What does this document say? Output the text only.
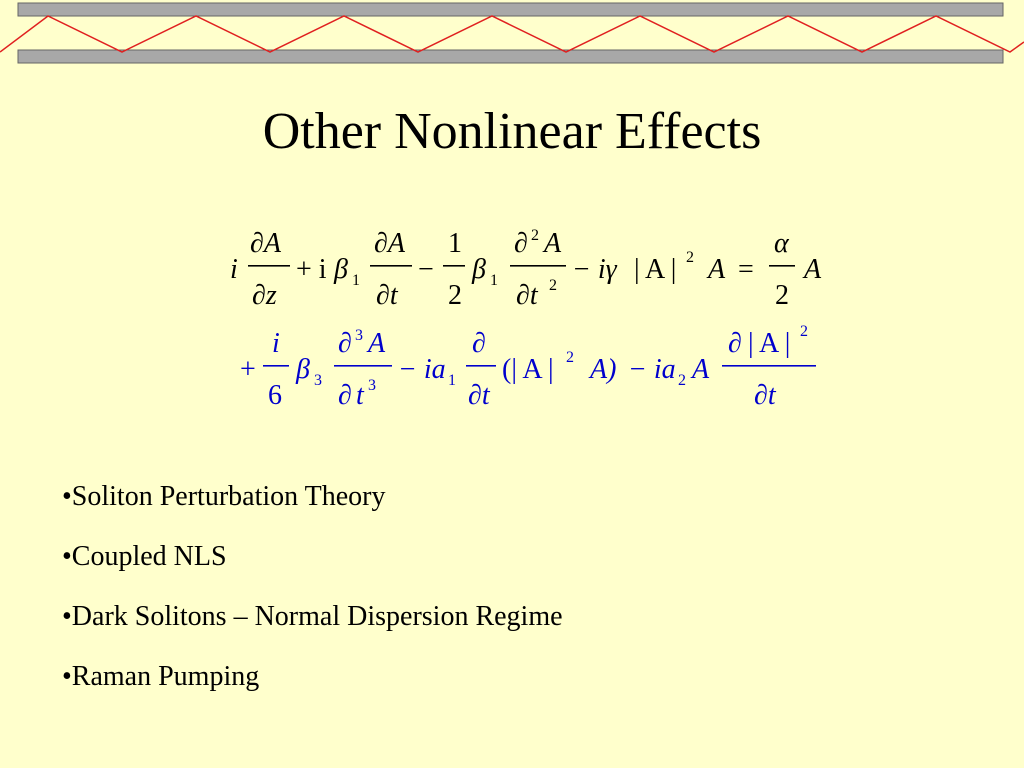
Other Nonlinear Effects
i
∂A
∂z
+ i β 1
∂A
∂t
−
1
2
β 1
∂ 2 A
∂t 2
− iγ | A | 2 A =
α
2
A
+
i
6
β 3
∂ 3 A
∂ t 3
− ia 1
∂
∂t
(| A | 2 A) − ia 2 A
∂ | A | 2
∂t
•Soliton Perturbation Theory
•Coupled NLS
•Dark Solitons – Normal Dispersion Regime
•Raman Pumping
